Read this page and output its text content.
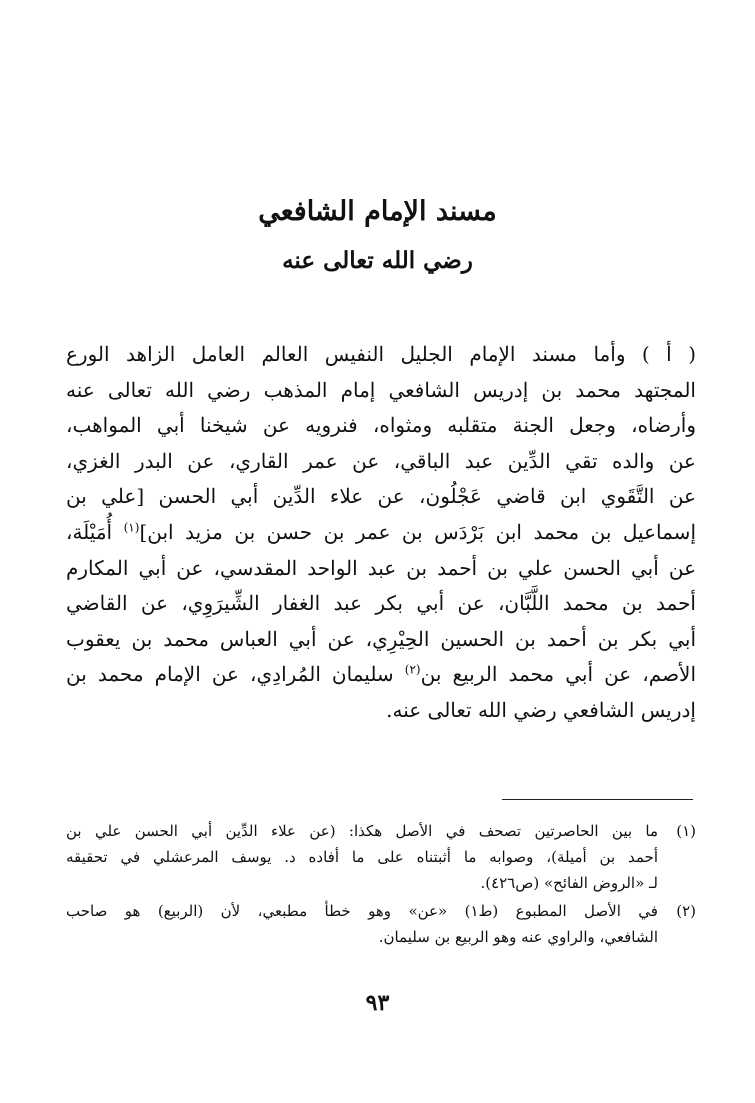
مسند الإمام الشافعي
رضي الله تعالى عنه
( أ ) وأما مسند الإمام الجليل النفيس العالم العامل الزاهد الورع
المجتهد محمد بن إدريس الشافعي إمام المذهب رضي الله تعالى عنه
وأرضاه، وجعل الجنة متقلبه ومثواه، فنرويه عن شيخنا أبي المواهب،
عن والده تقي الدِّين عبد الباقي، عن عمر القاري، عن البدر الغزي،
عن التَّقَوي ابن قاضي عَجْلُون، عن علاء الدِّين أبي الحسن [علي بن
إسماعيل بن محمد ابن بَرْدَس بن عمر بن حسن بن مزيد ابن]$^{(١)}$ أُمَيْلَة،
عن أبي الحسن علي بن أحمد بن عبد الواحد المقدسي، عن أبي المكارم
أحمد بن محمد اللَّبَّان، عن أبي بكر عبد الغفار الشِّيرَوِي، عن القاضي
أبي بكر بن أحمد بن الحسين الحِيْرِي، عن أبي العباس محمد بن يعقوب
الأصم، عن أبي محمد الربيع بن$^{(٢)}$ سليمان المُرادِي، عن الإمام محمد بن
إدريس الشافعي رضي الله تعالى عنه.
(١)
ما بين الحاصرتين تصحف في الأصل هكذا: (عن علاء الدِّين أبي الحسن علي بن
أحمد بن أميلة)، وصوابه ما أثبتناه على ما أفاده د. يوسف المرعشلي في تحقيقه
لـ «الروض الفائح» (ص٤٢٦).
(٢)
في الأصل المطبوع (ط١) «عن» وهو خطأ مطبعي، لأن (الربيع) هو صاحب
الشافعي، والراوي عنه وهو الربيع بن سليمان.
٩٣
